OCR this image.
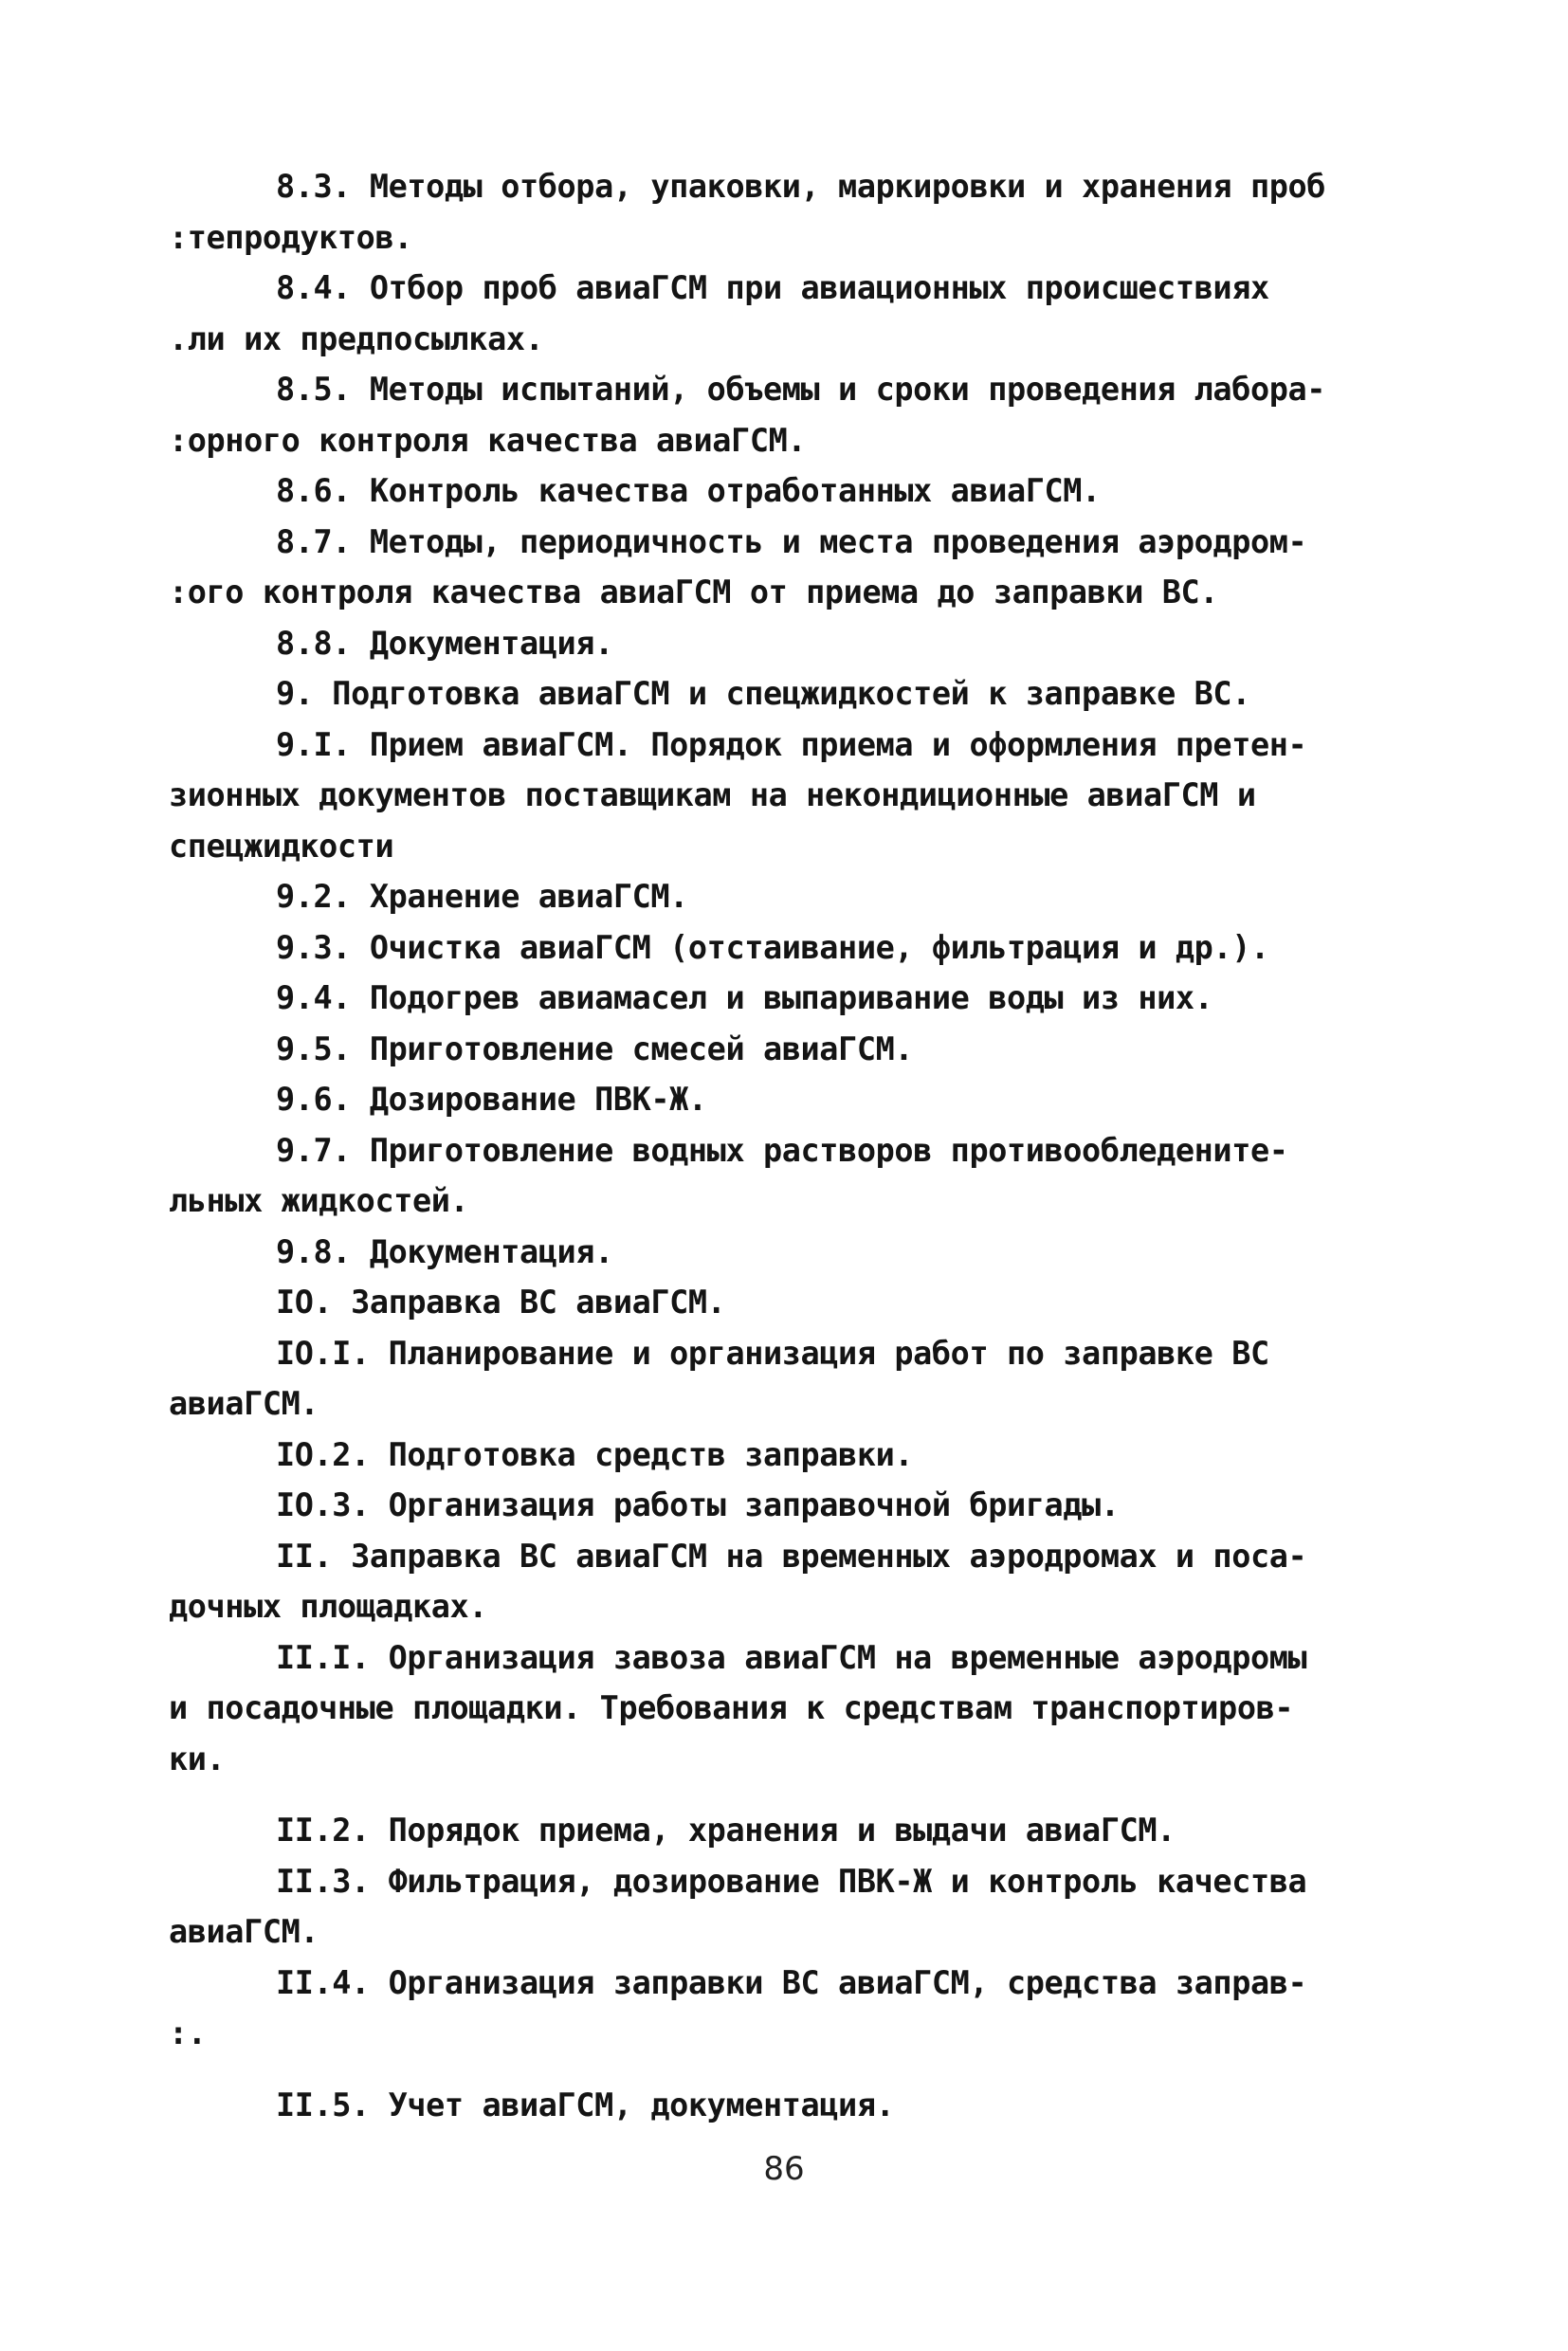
8.3. Методы отбора, упаковки, маркировки и хранения проб
:тепродуктов.
8.4. Отбор проб авиаГСМ при авиационных происшествиях
.ли их предпосылках.
8.5. Методы испытаний, объемы и сроки проведения лабора-
:орного контроля качества авиаГСМ.
8.6. Контроль качества отработанных авиаГСМ.
8.7. Методы, периодичность и места проведения аэродром-
:ого контроля качества авиаГСМ от приема до заправки ВС.
8.8. Документация.
9. Подготовка авиаГСМ и спецжидкостей к заправке ВС.
9.I. Прием авиаГСМ. Порядок приема и оформления претен-
зионных документов поставщикам на некондиционные авиаГСМ и
спецжидкости
9.2. Хранение авиаГСМ.
9.3. Очистка авиаГСМ (отстаивание, фильтрация и др.).
9.4. Подогрев авиамасел и выпаривание воды из них.
9.5. Приготовление смесей авиаГСМ.
9.6. Дозирование ПВК-Ж.
9.7. Приготовление водных растворов противообледените-
льных жидкостей.
9.8. Документация.
IO. Заправка ВС авиаГСМ.
IO.I. Планирование и организация работ по заправке ВС
авиаГСМ.
IO.2. Подготовка средств заправки.
IO.3. Организация работы заправочной бригады.
II. Заправка ВС авиаГСМ на временных аэродромах и поса-
дочных площадках.
II.I. Организация завоза авиаГСМ на временные аэродромы
и посадочные площадки. Требования к средствам транспортиров-
ки.
II.2. Порядок приема, хранения и выдачи авиаГСМ.
II.3. Фильтрация, дозирование ПВК-Ж и контроль качества
авиаГСМ.
II.4. Организация заправки ВС авиаГСМ, средства заправ-
:.
II.5. Учет авиаГСМ, документация.
86
